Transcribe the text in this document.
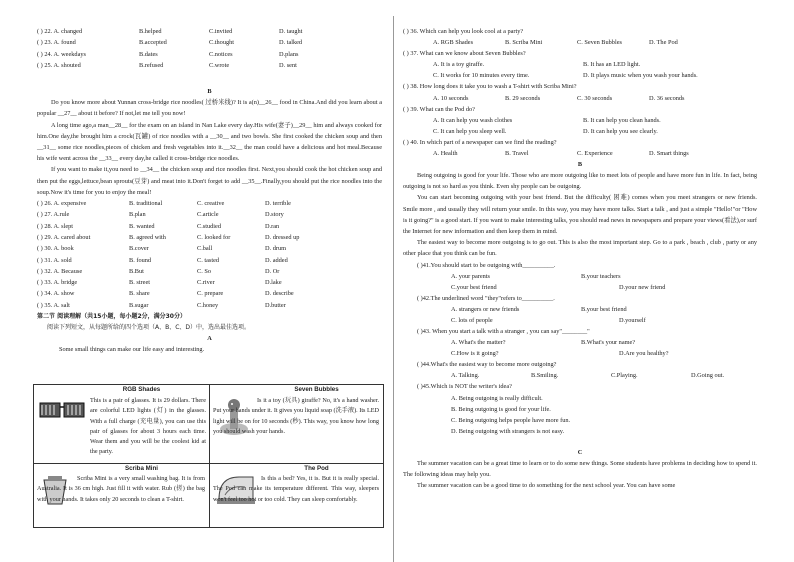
( ) 22. A. changed	B.helped	C.invited	D. taught
( ) 23. A. found	B.accepted	C.thought	D. talked
( ) 24. A. weekdays	B.dates	C.notices	D.plans
( ) 25. A. shouted	B.refused	C.wrote	D. sent
B
Do you know more about Yunnan cross-bridge rice noodles( 过桥米线)? It is a(n)__26__ food in China.And did you learn about a popular __27__ about it before? If not,let me tell you now!
A long time ago,a man__28__ for the exam on an island in Nan Lake every day.His wife(妻子)__29__ him and always cooked for him.One day,the brought him a crock(瓦罐) of rice noodles with a __30__ and two bowls. She first cooked the chicken soup and then __31__ some rice noodles,pieces of chicken and fresh vegetables into it.__32__ the man could have a delicious and hot meal.Because his wife went across the __33__ every day,he called it cross-bridge rice noodles.
If you want to make it,you need to __34__ the chicken soup and rice noodles first. Next,you should cook the hot chicken soup and then put the eggs,lettuce,bean sprouts(豆芽) and meat into it.Don't forget to add __35__.Finally,you should put the rice noodles into the soup.Now it's time for you to enjoy the meal!
( ) 26. A. expensive	B. traditional	C. creative	D. terrible
( ) 27. A.rule	B.plan	C.article	D.story
( ) 28. A. slept	B. wanted	C.studied	D.ran
( ) 29. A. cared about	B. agreed with	C. looked for	D. dressed up
( ) 30. A. book	B.cover	C.ball	D. drum
( ) 31. A. sold	B. found	C. tasted	D. added
( ) 32. A. Because	B.But	C. So	D. Or
( ) 33. A. bridge	B. street	C.river	D.lake
( ) 34. A. show	B. share	C. prepare	D. describe
( ) 35. A. salt	B.sugar	C.honey	D.butter
第二节 阅读理解（共15小题，每小题2分，满分30分）
阅读下列短文，从每题所给的四个选项（A、B、C、D）中，选出最佳选项。
A
Some small things can make our life easy and interesting.
RGB Shades
This is a pair of glasses. It is 29 dollars. There are colorful LED lights (灯) in the glasses. With a full charge (充电量), you can use this pair of glasses for about 3 hours each time. Wear them and you will be the coolest kid at the party.
Seven Bubbles
Is it a toy (玩具) giraffe? No, it's a hand washer. Put your hands under it. It gives you liquid soap (洗手液). Its LED light will be on for 10 seconds (秒). This way, you know how long you should wash your hands.
Scriba Mini
Scriba Mini is a very small washing bag. It is from Australia. It is 36 cm high. Just fill it with water. Rub (搓) the bag with your hands. It takes only 20 seconds to clean a T-shirt.
The Pod
Is this a bed? Yes, it is. But it is really special. The Pod can make its temperature different. This way, sleepers won't feel too hot or too cold. They can sleep comfortably.
( ) 36. Which can help you look cool at a party?
A. RGB Shades	B. Scriba Mini	C. Seven Bubbles	D. The Pod
( ) 37. What can we know about Seven Bubbles?
A. It is a toy giraffe.	B. It has an LED light.
C. It works for 10 minutes every time.	D. It plays music when you wash your hands.
( ) 38. How long does it take you to wash a T-shirt with Scriba Mini?
A. 10 seconds	B. 29 seconds	C. 30 seconds	D. 36 seconds
( ) 39. What can the Pod do?
A. It can help you wash clothes	B. It can help you clean hands.
C. It can help you sleep well.	D. It can help you see clearly.
( ) 40. In which part of a newspaper can we find the reading?
A. Health	B. Travel	C. Experience	D. Smart things
B
Being outgoing is good for your life. Those who are more outgoing like to meet lots of people and have more fun in life. In fact, being outgoing is not so hard as you think. Even shy people can be outgoing.
You can start becoming outgoing with your best friend. But the difficulty( 困难) comes when you meet strangers or new friends. Smile more , and usually they will return your smile. In this way, you may have more talks. Start a talk , and just a simple "Hello!"or "How is it going?" is a good start. If you want to make interesting talks, you should read news in newspapers and prepare your views(看法),or surf the Internet for new information and then keep them in mind.
The easiest way to become more outgoing is to go out. This is also the most important step. Go to a park , beach , club , party or any other place that you think can be fun.
( )41.You should start to be outgoing with__________.
A. your parents	B.your teachers
C.your best friend	D.your new friend
( )42.The underlined word "they"refers to__________.
A. strangers or new friends	B.your best friend
C. lots of people	D.yourself
( )43. When you start a talk with a stranger , you can say"________"
A. What's the matter?	B.What's your name?
C.How is it going?	D.Are you healthy?
( )44.What's the easiest way to become more outgoing?
A. Talking.	B.Smiling.	C.Playing.	D.Going out.
( )45.Which is NOT the writer's idea?
A. Being outgoing is really difficult.
B. Being outgoing is good for your life.
C. Being outgoing helps people have more fun.
D. Being outgoing with strangers is not easy.
C
The summer vacation can be a great time to learn or to do some new things. Some students have problems in deciding how to spend it. The following ideas may help you.
The summer vacation can be a good time to do something for the next school year. You can have some
